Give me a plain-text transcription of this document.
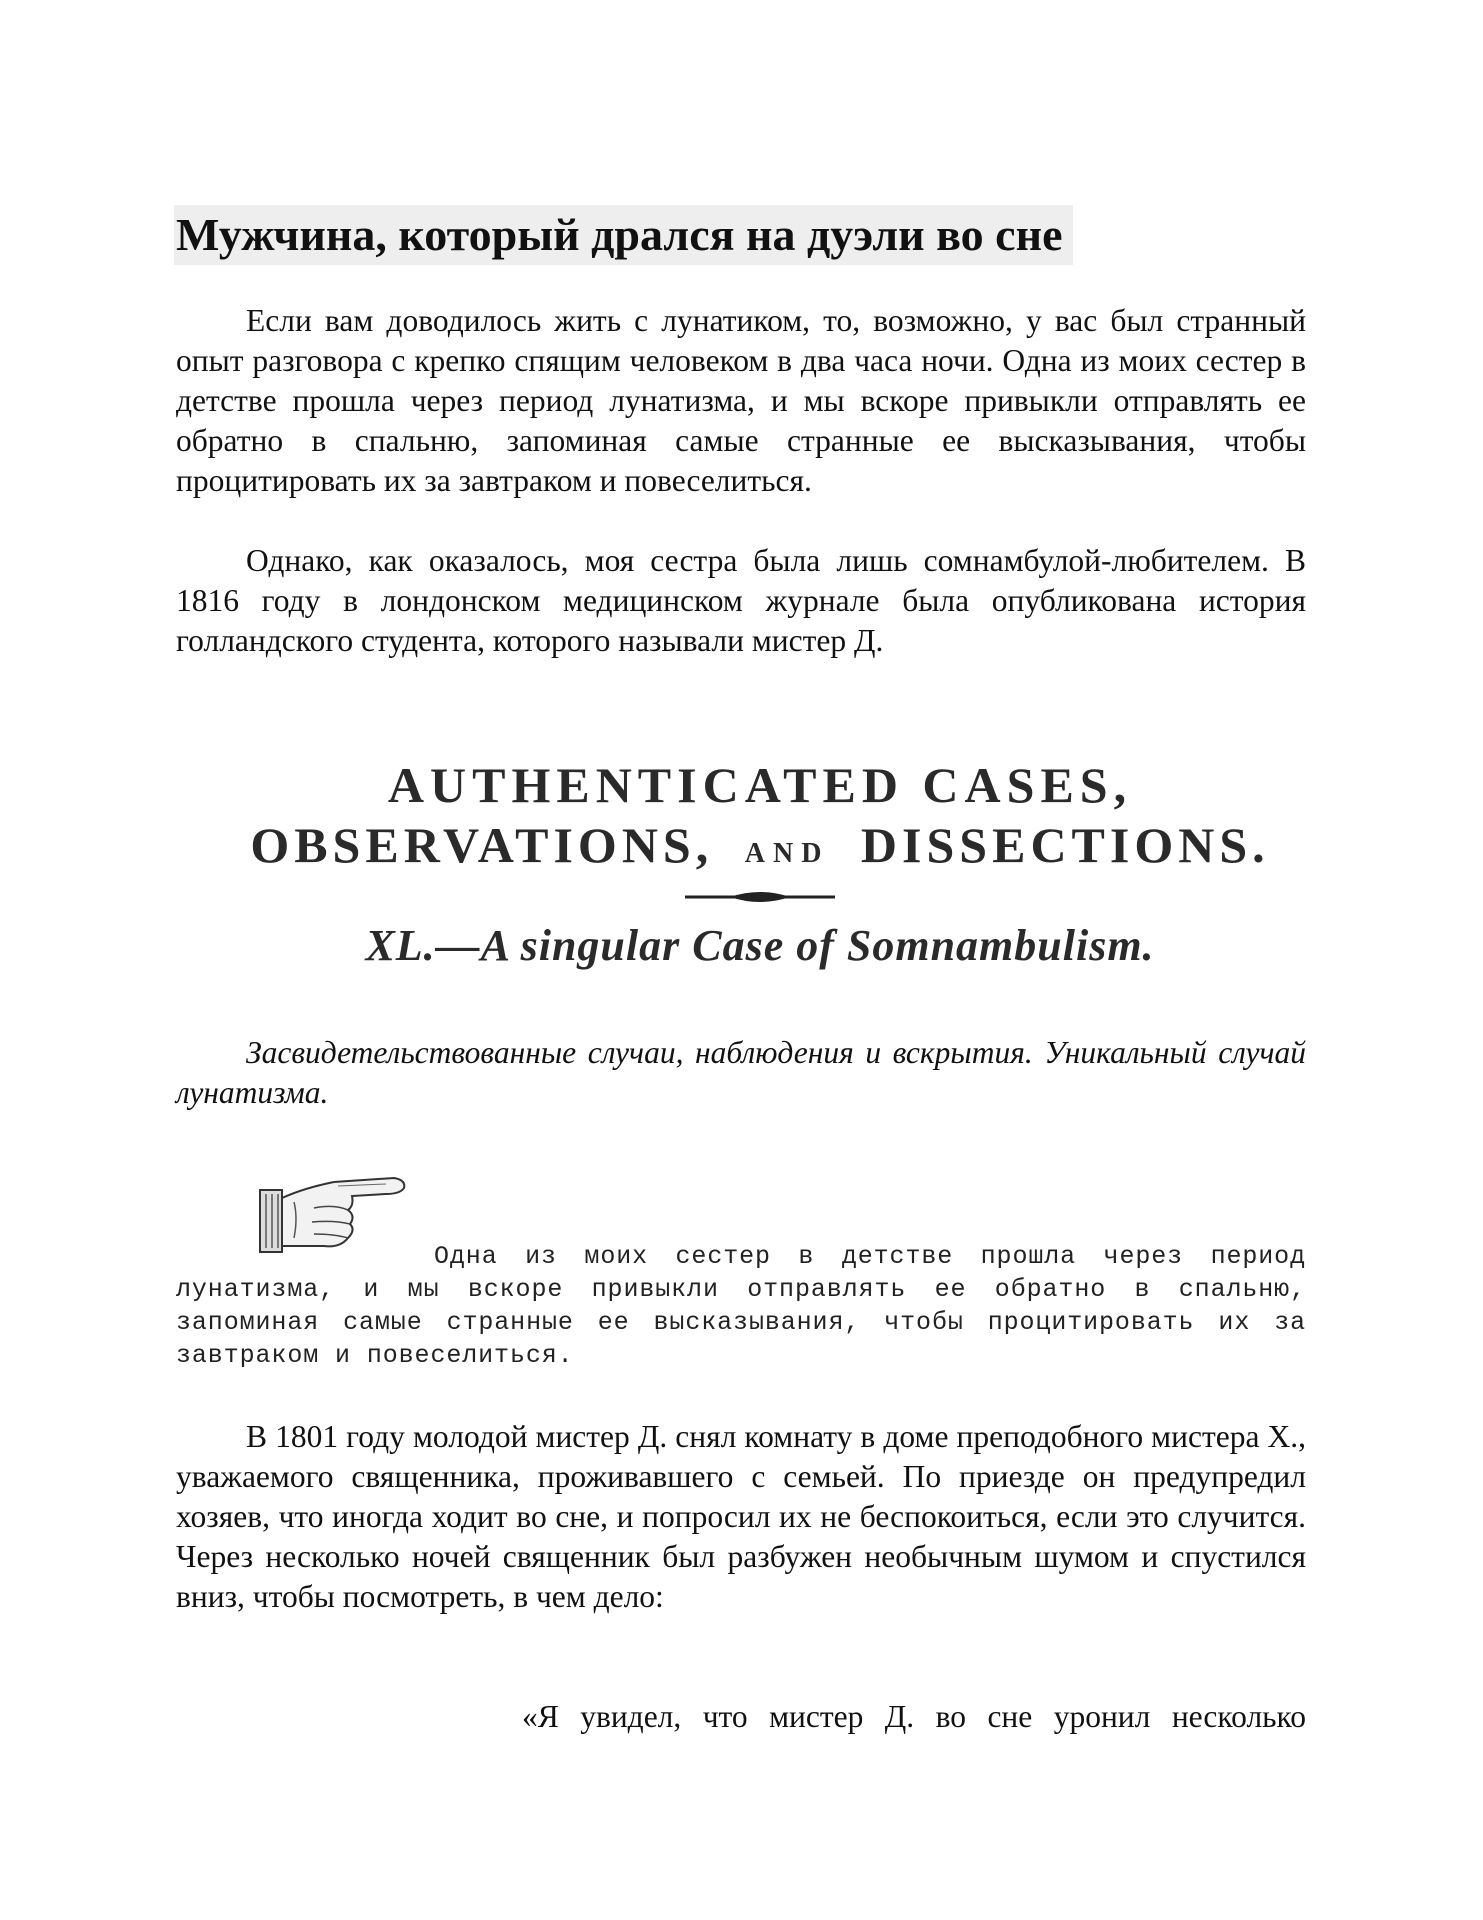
Мужчина, который дрался на дуэли во сне

Если вам доводилось жить с лунатиком, то, возможно, у вас был странный опыт разговора с крепко спящим человеком в два часа ночи. Одна из моих сестер в детстве прошла через период лунатизма, и мы вскоре привыкли отправлять ее обратно в спальню, запоминая самые странные ее высказывания, чтобы процитировать их за завтраком и повеселиться.

Однако, как оказалось, моя сестра была лишь сомнамбулой-любителем. В 1816 году в лондонском медицинском журнале была опубликована история голландского студента, которого называли мистер Д.

AUTHENTICATED CASES,
OBSERVATIONS, AND DISSECTIONS.
XL.—A singular Case of Somnambulism.

Засвидетельствованные случаи, наблюдения и вскрытия. Уникальный случай лунатизма.

Одна из моих сестер в детстве прошла через период лунатизма, и мы вскоре привыкли отправлять ее обратно в спальню, запоминая самые странные ее высказывания, чтобы процитировать их за завтраком и повеселиться.

В 1801 году молодой мистер Д. снял комнату в доме преподобного мистера Х., уважаемого священника, проживавшего с семьей. По приезде он предупредил хозяев, что иногда ходит во сне, и попросил их не беспокоиться, если это случится. Через несколько ночей священник был разбужен необычным шумом и спустился вниз, чтобы посмотреть, в чем дело:

«Я увидел, что мистер Д. во сне уронил несколько
